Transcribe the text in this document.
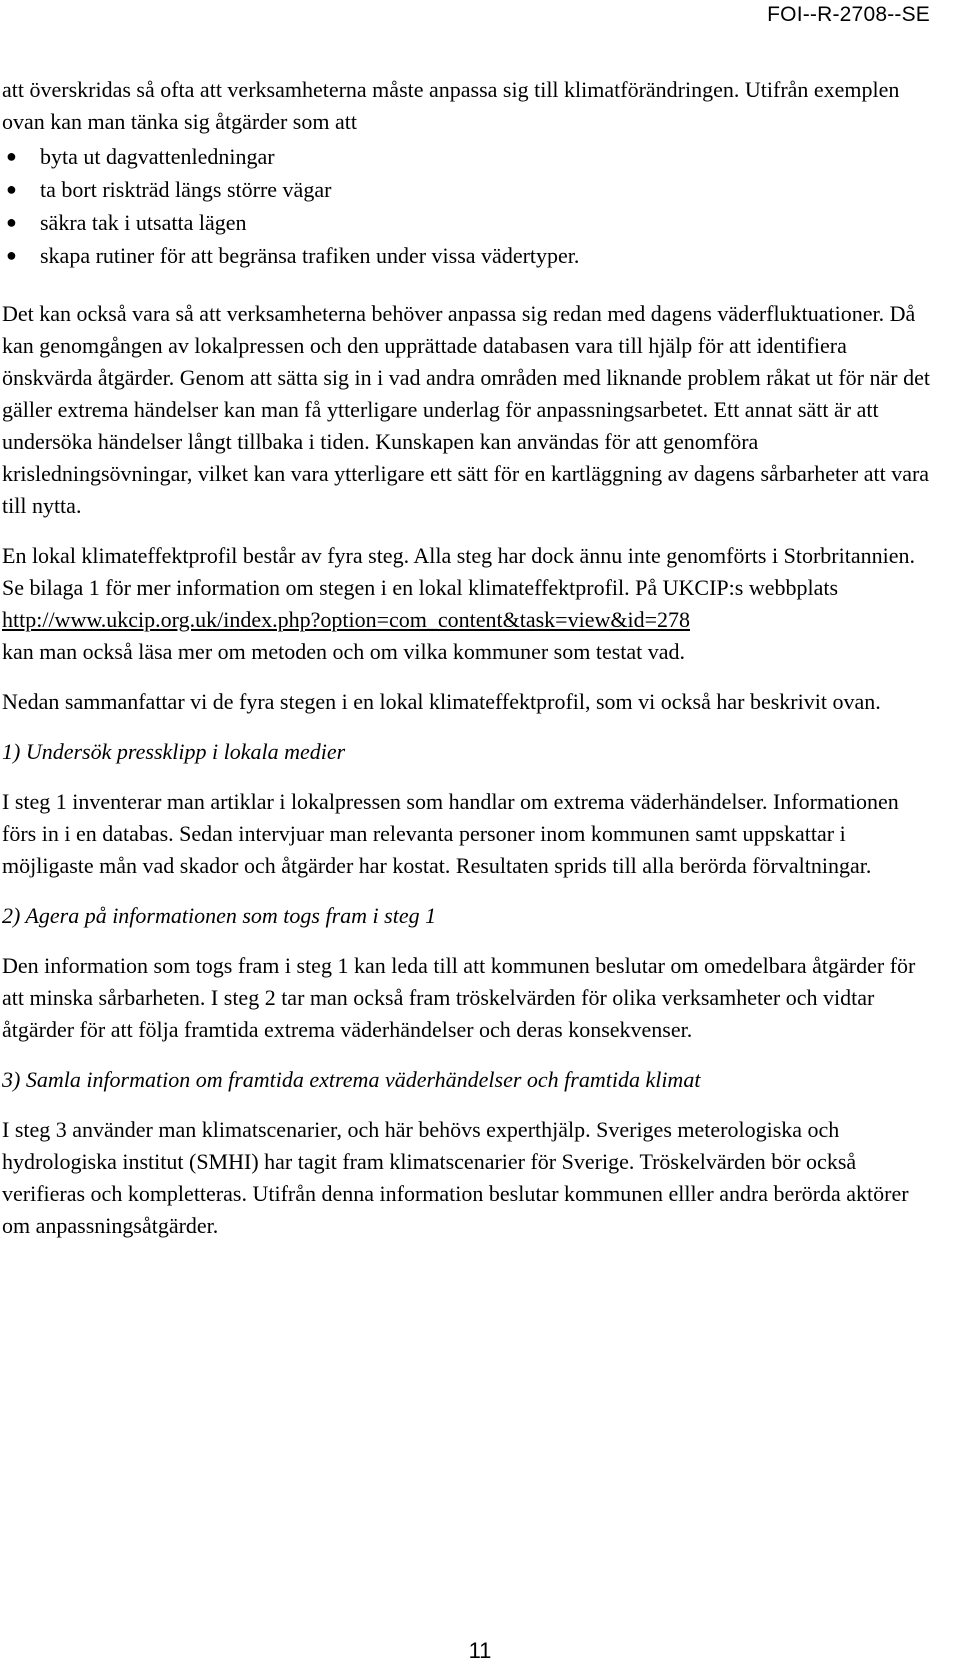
FOI--R-2708--SE

att överskridas så ofta att verksamheterna måste anpassa sig till klimatförändringen. Utifrån exemplen ovan kan man tänka sig åtgärder som att

● byta ut dagvattenledningar
● ta bort riskträd längs större vägar
● säkra tak i utsatta lägen
● skapa rutiner för att begränsa trafiken under vissa vädertyper.

Det kan också vara så att verksamheterna behöver anpassa sig redan med dagens väderfluktuationer. Då kan genomgången av lokalpressen och den upprättade databasen vara till hjälp för att identifiera önskvärda åtgärder. Genom att sätta sig in i vad andra områden med liknande problem råkat ut för när det gäller extrema händelser kan man få ytterligare underlag för anpassningsarbetet. Ett annat sätt är att undersöka händelser långt tillbaka i tiden. Kunskapen kan användas för att genomföra krisledningsövningar, vilket kan vara ytterligare ett sätt för en kartläggning av dagens sårbarheter att vara till nytta.

En lokal klimateffektprofil består av fyra steg. Alla steg har dock ännu inte genomförts i Storbritannien. Se bilaga 1 för mer information om stegen i en lokal klimateffektprofil. På UKCIP:s webbplats
http://www.ukcip.org.uk/index.php?option=com_content&task=view&id=278
kan man också läsa mer om metoden och om vilka kommuner som testat vad.

Nedan sammanfattar vi de fyra stegen i en lokal klimateffektprofil, som vi också har beskrivit ovan.

1) Undersök pressklipp i lokala medier

I steg 1 inventerar man artiklar i lokalpressen som handlar om extrema väderhändelser. Informationen förs in i en databas. Sedan intervjuar man relevanta personer inom kommunen samt uppskattar i möjligaste mån vad skador och åtgärder har kostat. Resultaten sprids till alla berörda förvaltningar.

2) Agera på informationen som togs fram i steg 1

Den information som togs fram i steg 1 kan leda till att kommunen beslutar om omedelbara åtgärder för att minska sårbarheten. I steg 2 tar man också fram tröskelvärden för olika verksamheter och vidtar åtgärder för att följa framtida extrema väderhändelser och deras konsekvenser.

3) Samla information om framtida extrema väderhändelser och framtida klimat

I steg 3 använder man klimatscenarier, och här behövs experthjälp. Sveriges meterologiska och hydrologiska institut (SMHI) har tagit fram klimatscenarier för Sverige. Tröskelvärden bör också verifieras och kompletteras. Utifrån denna information beslutar kommunen elller andra berörda aktörer om anpassningsåtgärder.

11
